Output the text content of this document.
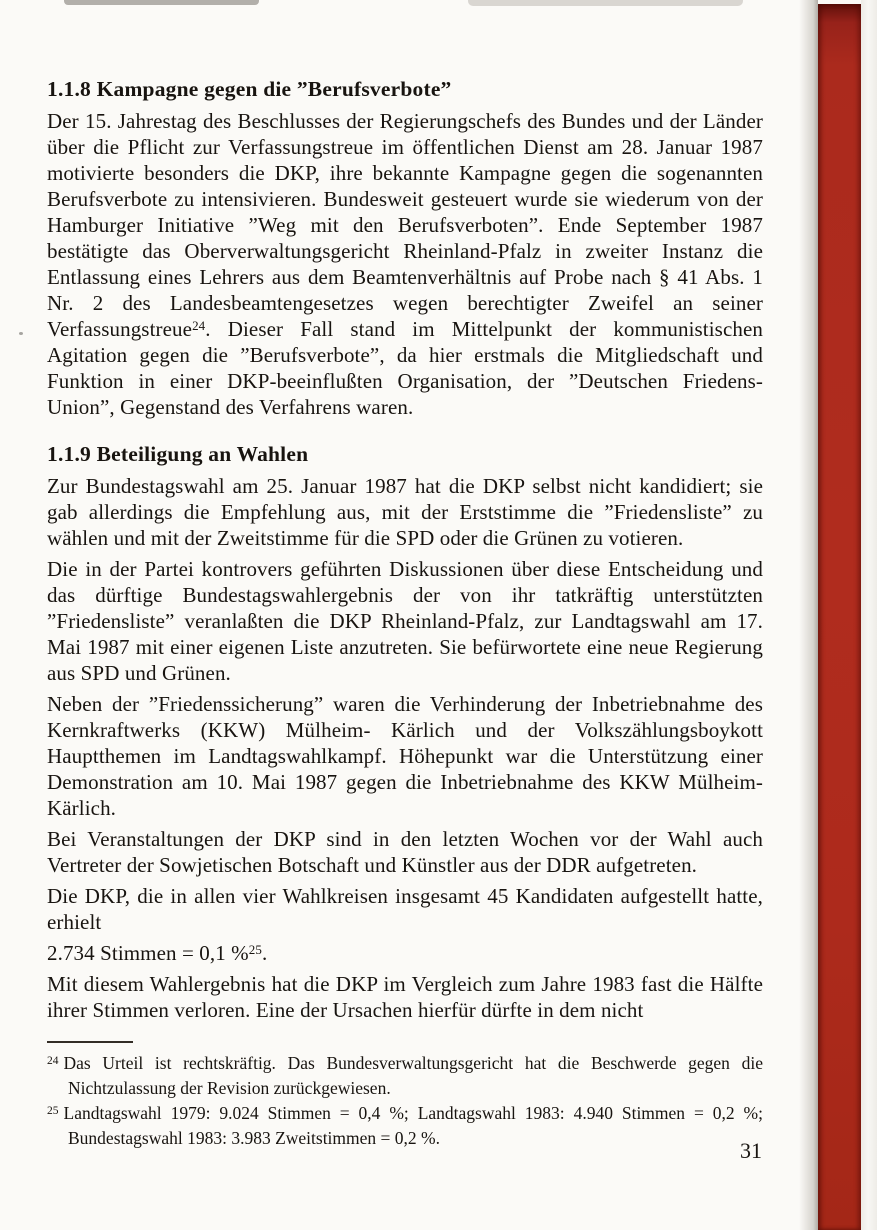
1.1.8 Kampagne gegen die ”Berufsverbote”

Der 15. Jahrestag des Beschlusses der Regierungschefs des Bundes und der Länder über die Pflicht zur Verfassungstreue im öffentlichen Dienst am 28. Januar 1987 motivierte besonders die DKP, ihre bekannte Kampagne gegen die sogenannten Berufsverbote zu intensivieren. Bundesweit gesteuert wurde sie wiederum von der Hamburger Initiative ”Weg mit den Berufsverboten”. Ende September 1987 bestätigte das Oberverwaltungsgericht Rheinland-Pfalz in zweiter Instanz die Entlassung eines Lehrers aus dem Beamtenverhältnis auf Probe nach § 41 Abs. 1 Nr. 2 des Landesbeamtengesetzes wegen berechtigter Zweifel an seiner Verfassungstreue$^{24}$. Dieser Fall stand im Mittelpunkt der kommunistischen Agitation gegen die ”Berufsverbote”, da hier erstmals die Mitgliedschaft und Funktion in einer DKP-beeinflußten Organisation, der ”Deutschen Friedens-Union”, Gegenstand des Verfahrens waren.

1.1.9 Beteiligung an Wahlen

Zur Bundestagswahl am 25. Januar 1987 hat die DKP selbst nicht kandidiert; sie gab allerdings die Empfehlung aus, mit der Erststimme die ”Friedensliste” zu wählen und mit der Zweitstimme für die SPD oder die Grünen zu votieren.

Die in der Partei kontrovers geführten Diskussionen über diese Entscheidung und das dürftige Bundestagswahlergebnis der von ihr tatkräftig unterstützten ”Friedensliste” veranlaßten die DKP Rheinland-Pfalz, zur Landtagswahl am 17. Mai 1987 mit einer eigenen Liste anzutreten. Sie befürwortete eine neue Regierung aus SPD und Grünen.

Neben der ”Friedenssicherung” waren die Verhinderung der Inbetriebnahme des Kernkraftwerks (KKW) Mülheim- Kärlich und der Volkszählungsboykott Hauptthemen im Landtagswahlkampf. Höhepunkt war die Unterstützung einer Demonstration am 10. Mai 1987 gegen die Inbetriebnahme des KKW Mülheim-Kärlich.

Bei Veranstaltungen der DKP sind in den letzten Wochen vor der Wahl auch Vertreter der Sowjetischen Botschaft und Künstler aus der DDR aufgetreten.

Die DKP, die in allen vier Wahlkreisen insgesamt 45 Kandidaten aufgestellt hatte, erhielt

2.734 Stimmen = 0,1 %$^{25}$.

Mit diesem Wahlergebnis hat die DKP im Vergleich zum Jahre 1983 fast die Hälfte ihrer Stimmen verloren. Eine der Ursachen hierfür dürfte in dem nicht

$^{24}$ Das Urteil ist rechtskräftig. Das Bundesverwaltungsgericht hat die Beschwerde gegen die Nichtzulassung der Revision zurückgewiesen.

$^{25}$ Landtagswahl 1979: 9.024 Stimmen = 0,4 %; Landtagswahl 1983: 4.940 Stimmen = 0,2 %; Bundestagswahl 1983: 3.983 Zweitstimmen = 0,2 %.	31
